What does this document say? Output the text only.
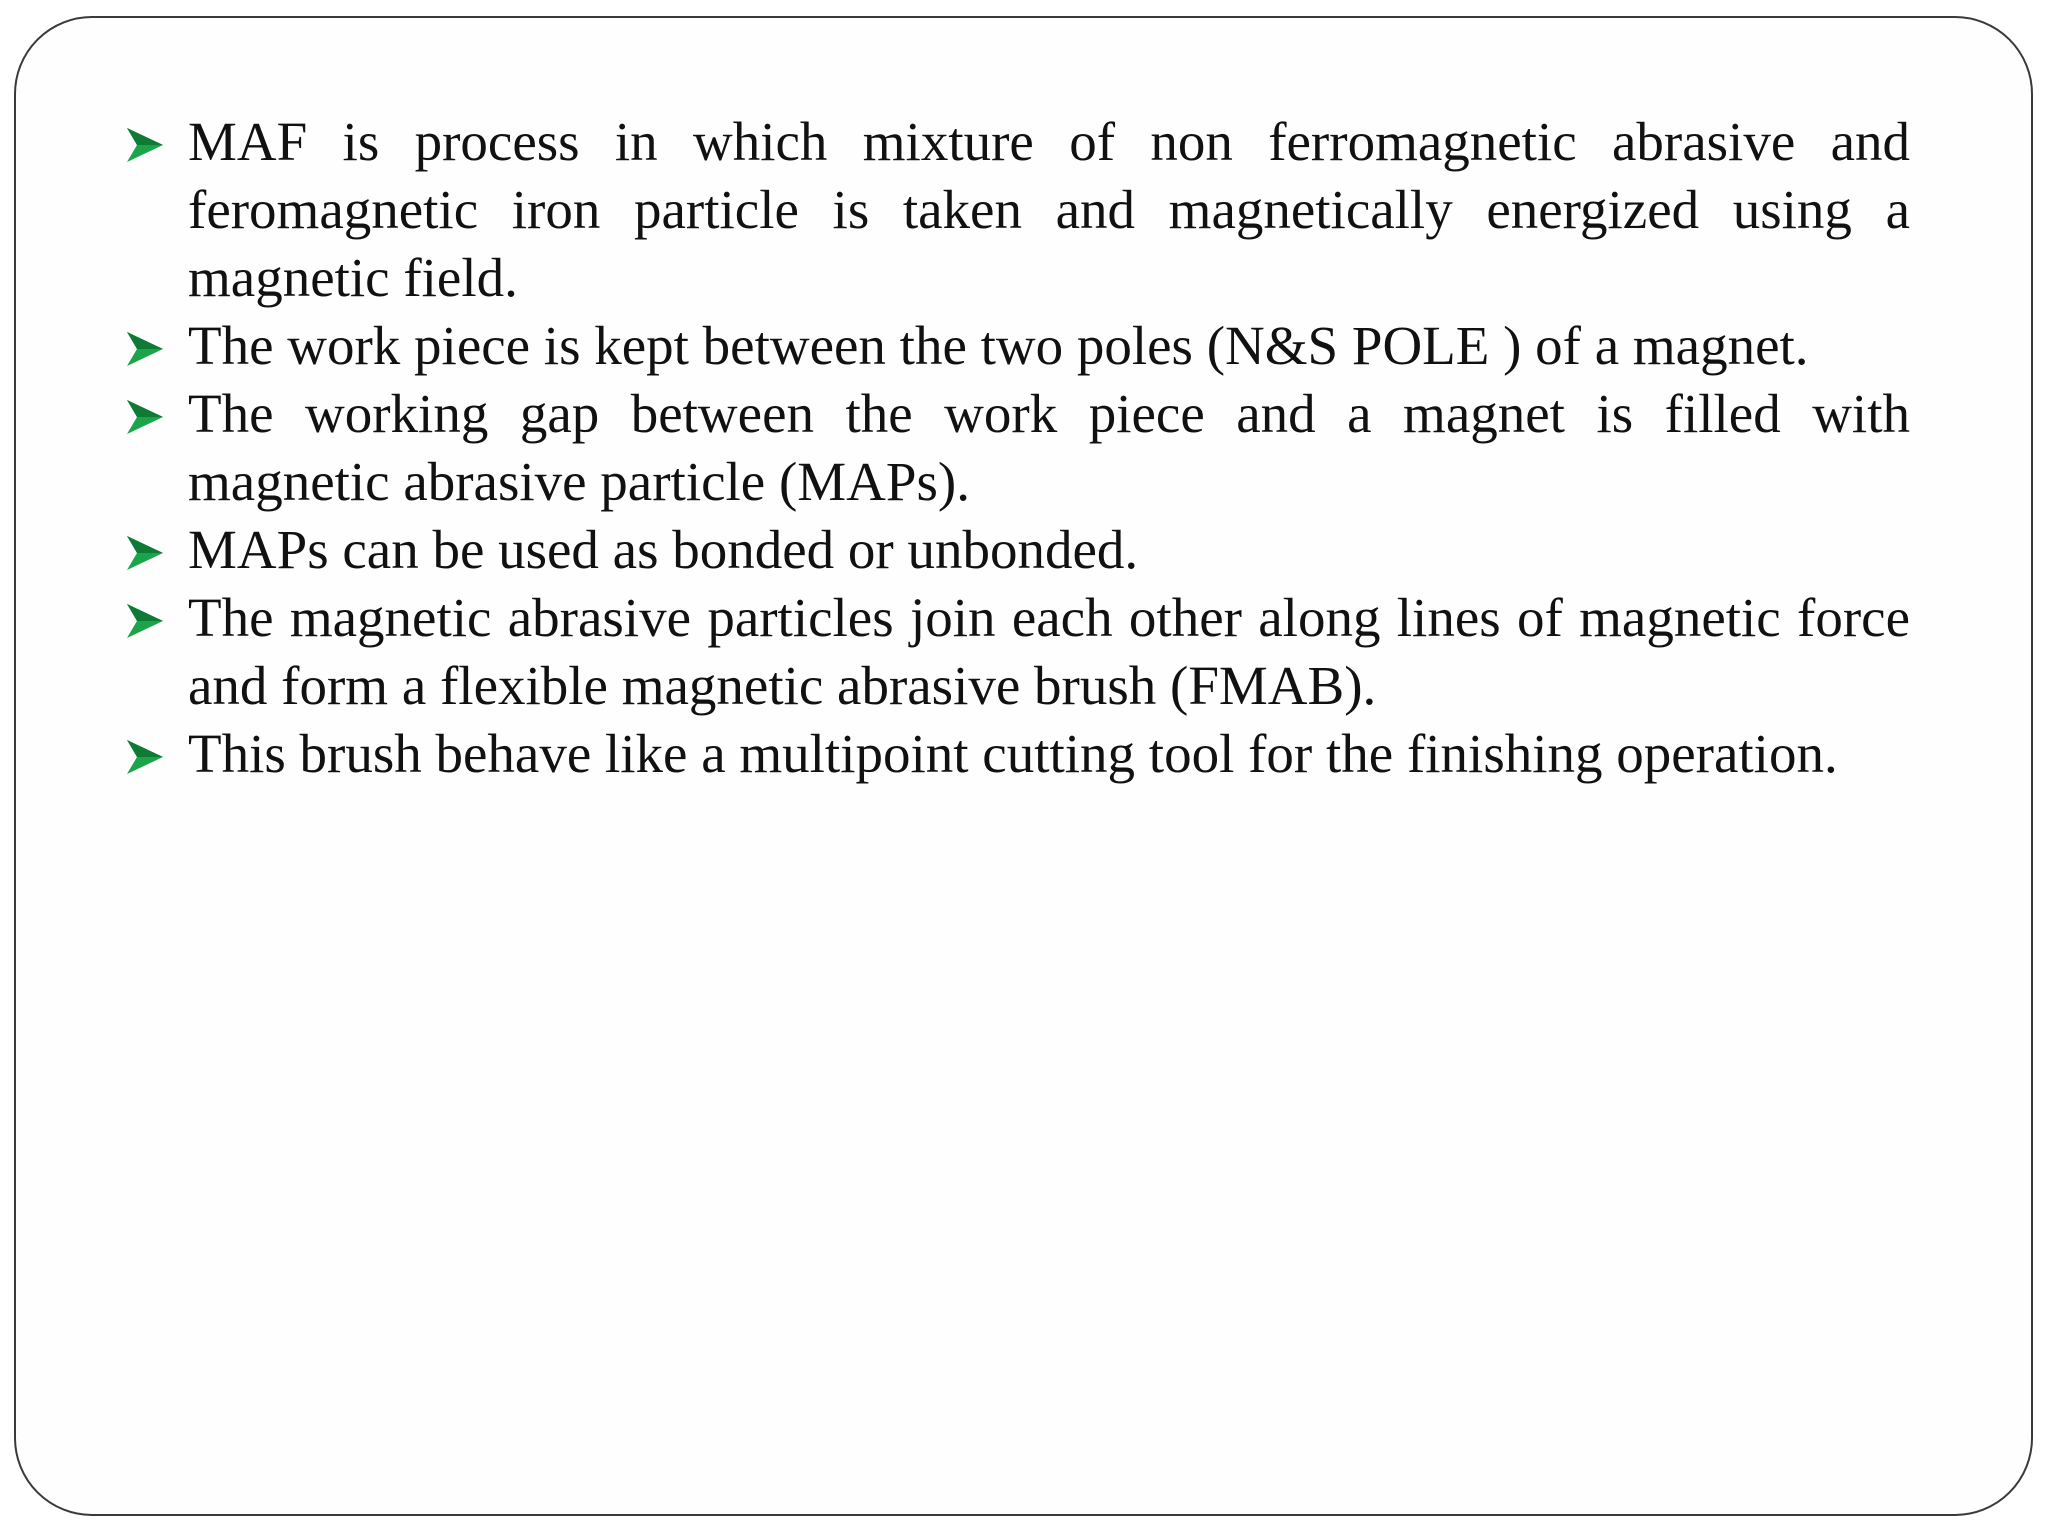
MAF is process in which mixture of non ferromagnetic abrasive and feromagnetic iron particle is taken and magnetically energized using a magnetic field.
The work piece is kept between the two poles (N&S POLE ) of a magnet.
The working gap between the work piece and a magnet is filled with magnetic abrasive particle (MAPs).
MAPs can be used as bonded or unbonded.
The magnetic abrasive particles join each other along lines of magnetic force and form a flexible magnetic abrasive brush (FMAB).
This brush behave like a multipoint cutting tool for the finishing operation.
